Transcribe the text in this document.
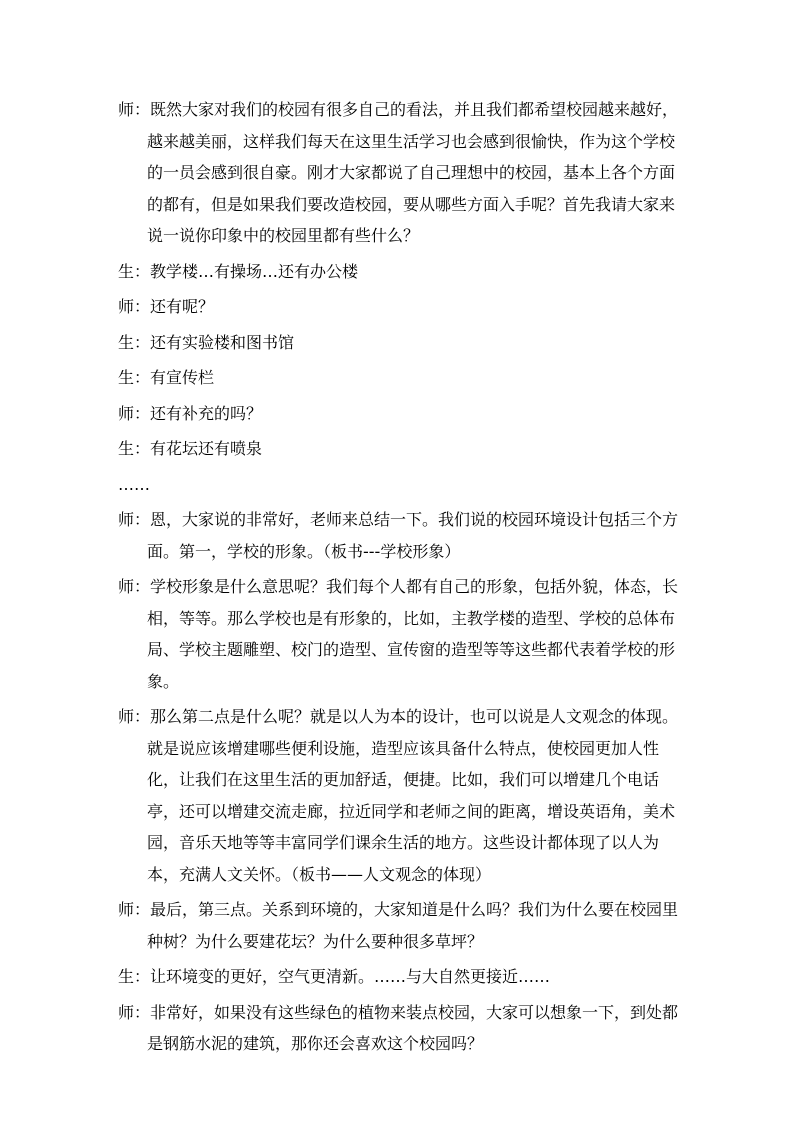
师：既然大家对我们的校园有很多自己的看法，并且我们都希望校园越来越好，越来越美丽，这样我们每天在这里生活学习也会感到很愉快，作为这个学校的一员会感到很自豪。刚才大家都说了自己理想中的校园，基本上各个方面的都有，但是如果我们要改造校园，要从哪些方面入手呢？首先我请大家来说一说你印象中的校园里都有些什么？

生：教学楼…有操场…还有办公楼

师：还有呢？

生：还有实验楼和图书馆

生：有宣传栏

师：还有补充的吗？

生：有花坛还有喷泉

……

师：恩，大家说的非常好，老师来总结一下。我们说的校园环境设计包括三个方面。第一，学校的形象。（板书---学校形象）

师：学校形象是什么意思呢？我们每个人都有自己的形象，包括外貌，体态，长相，等等。那么学校也是有形象的，比如，主教学楼的造型、学校的总体布局、学校主题雕塑、校门的造型、宣传窗的造型等等这些都代表着学校的形象。

师：那么第二点是什么呢？就是以人为本的设计，也可以说是人文观念的体现。就是说应该增建哪些便利设施，造型应该具备什么特点，使校园更加人性化，让我们在这里生活的更加舒适，便捷。比如，我们可以增建几个电话亭，还可以增建交流走廊，拉近同学和老师之间的距离，增设英语角，美术园，音乐天地等等丰富同学们课余生活的地方。这些设计都体现了以人为本，充满人文关怀。（板书——人文观念的体现）

师：最后，第三点。关系到环境的，大家知道是什么吗？我们为什么要在校园里种树？为什么要建花坛？为什么要种很多草坪？

生：让环境变的更好，空气更清新。……与大自然更接近……

师：非常好，如果没有这些绿色的植物来装点校园，大家可以想象一下，到处都是钢筋水泥的建筑，那你还会喜欢这个校园吗？
